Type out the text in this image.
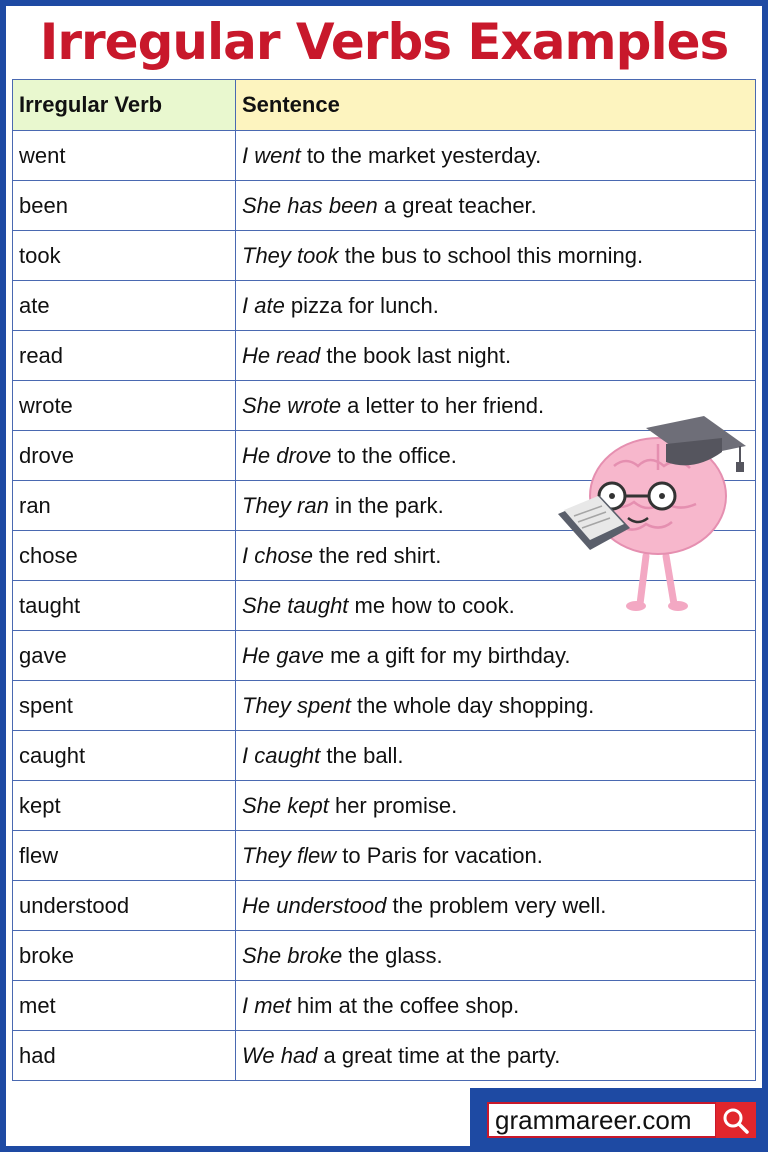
Irregular Verbs Examples
Irregular Verb	Sentence
went	I went to the market yesterday.
been	She has been a great teacher.
took	They took the bus to school this morning.
ate	I ate pizza for lunch.
read	He read the book last night.
wrote	She wrote a letter to her friend.
drove	He drove to the office.
ran	They ran in the park.
chose	I chose the red shirt.
taught	She taught me how to cook.
gave	He gave me a gift for my birthday.
spent	They spent the whole day shopping.
caught	I caught the ball.
kept	She kept her promise.
flew	They flew to Paris for vacation.
understood	He understood the problem very well.
broke	She broke the glass.
met	I met him at the coffee shop.
had	We had a great time at the party.
grammareer.com
